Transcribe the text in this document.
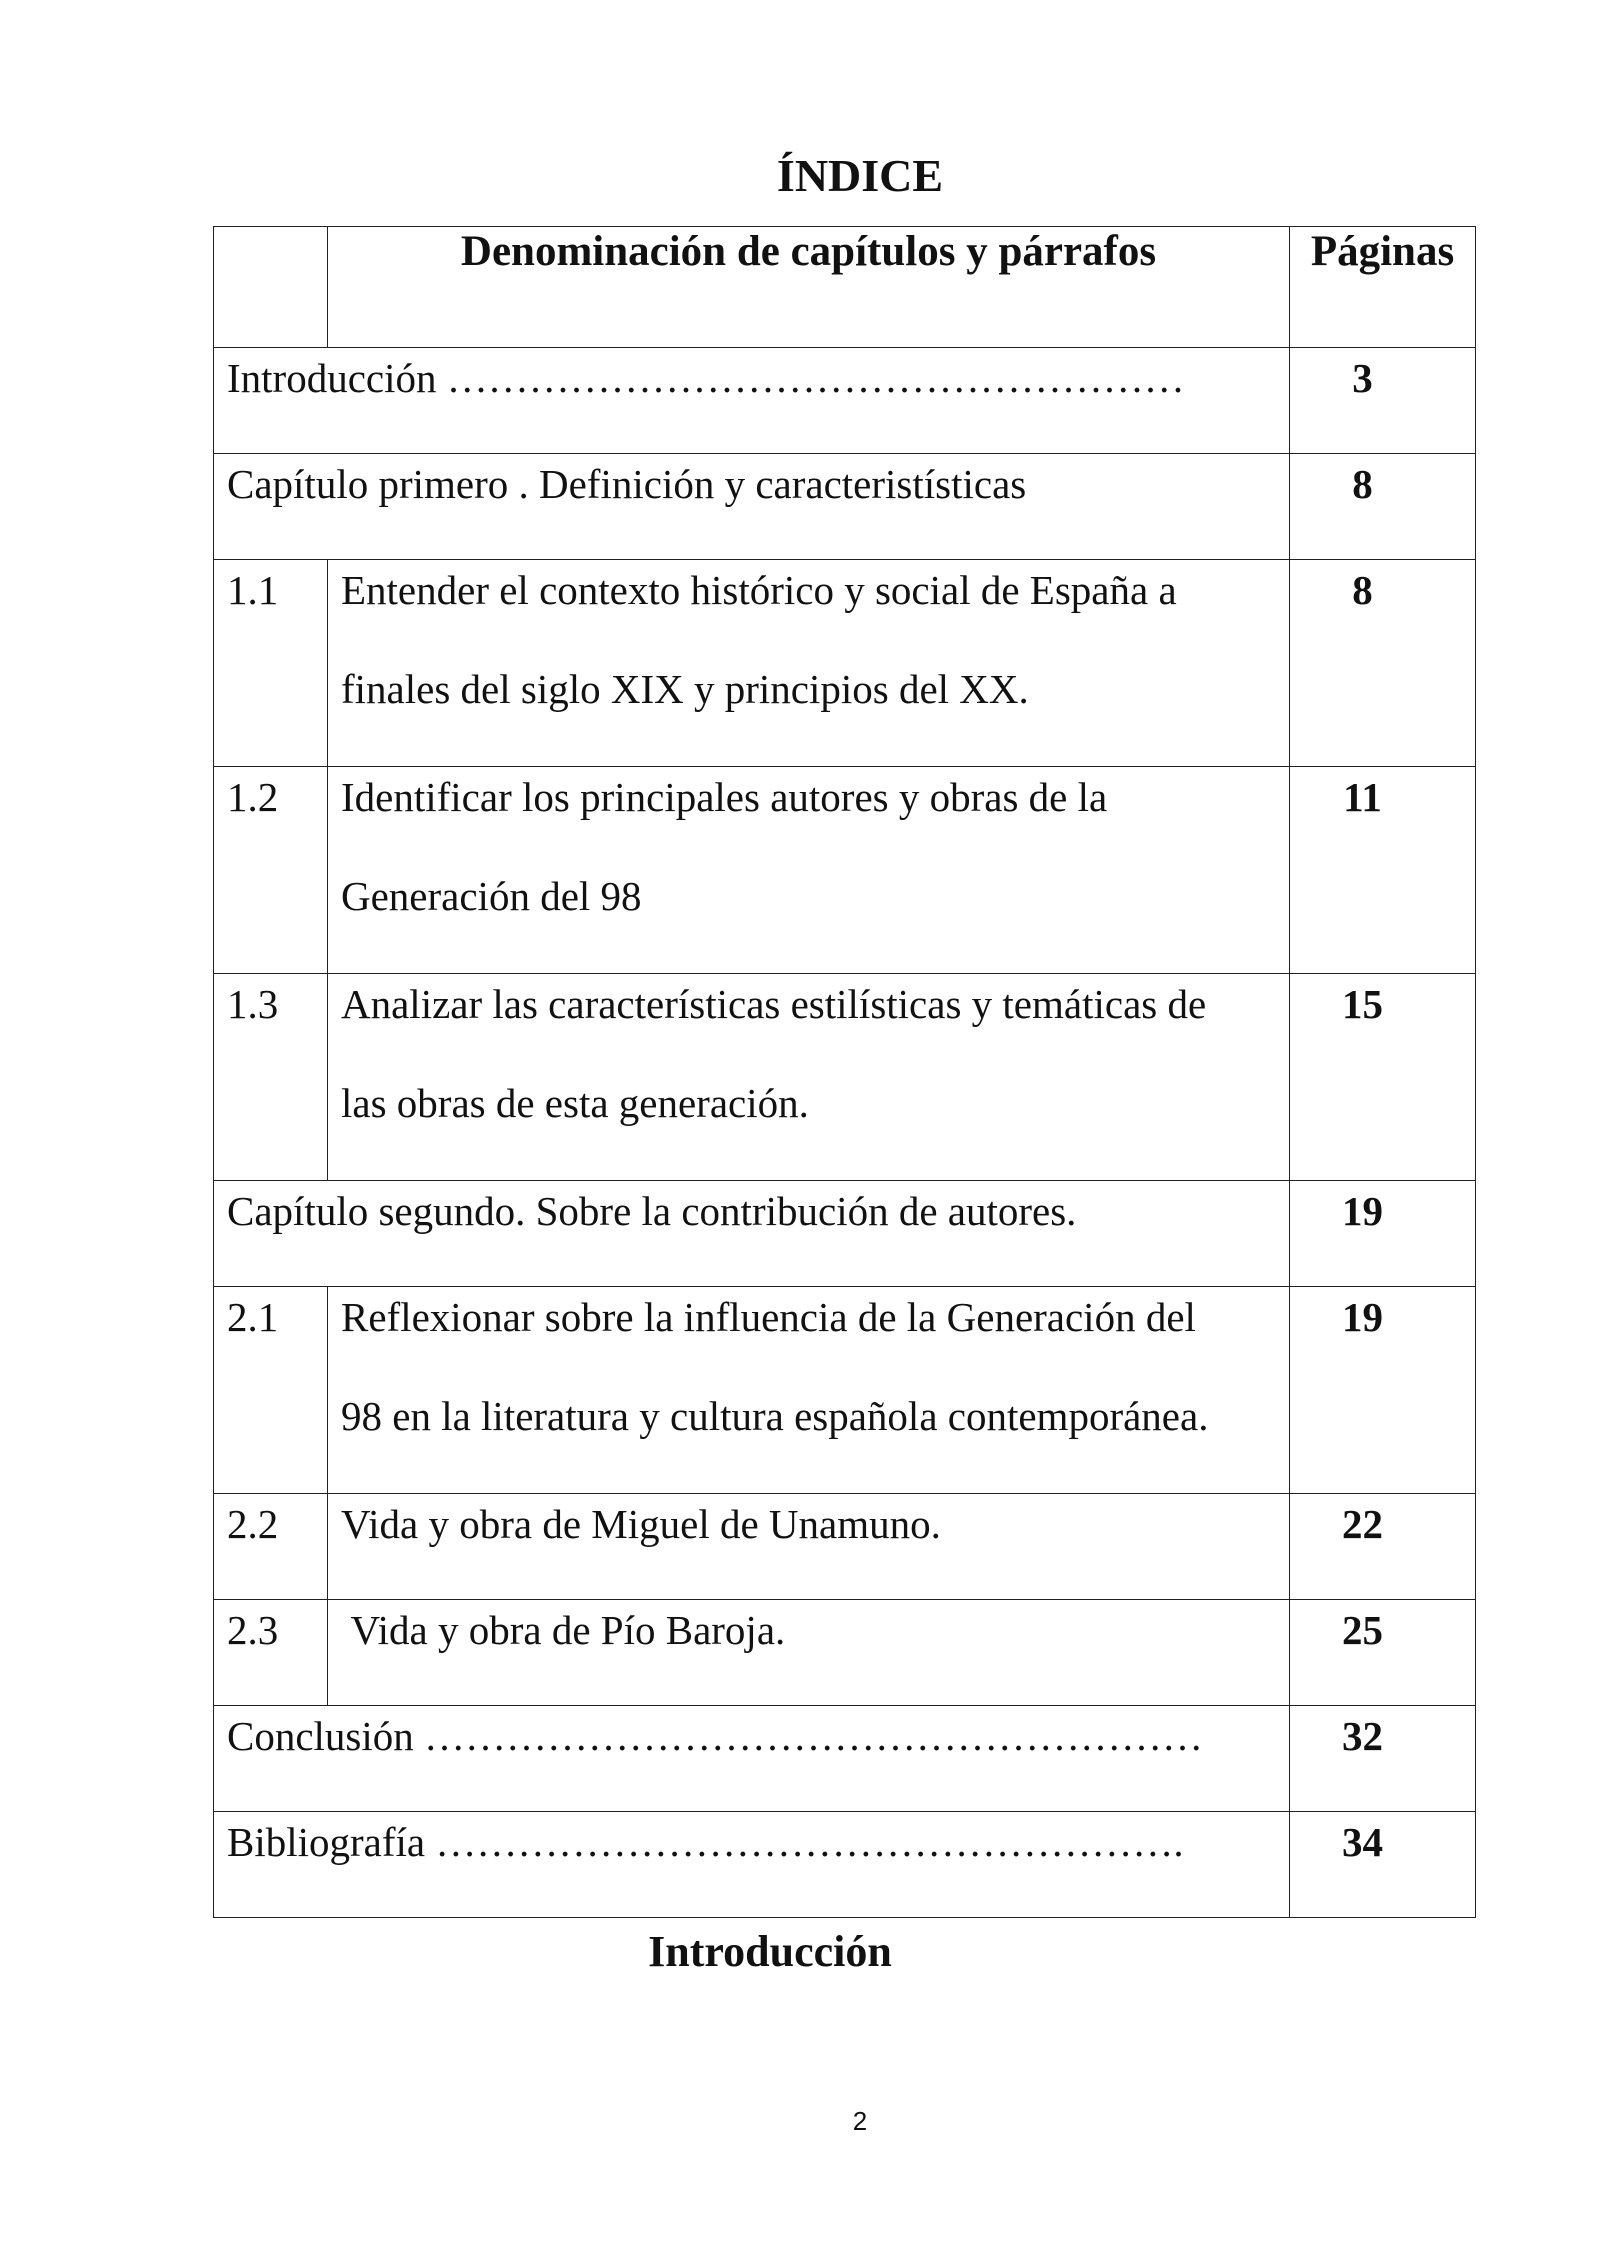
ÍNDICE
	Denominación de capítulos y párrafos	Páginas

Introducción ………………………………………………		3

Capítulo primero . Definición y caracteristísticas		8

1.1	Entender el contexto histórico y social de España a
finales del siglo XIX y principios del XX.	8

1.2	Identificar los principales autores y obras de la
Generación del 98	11

1.3	Analizar las características estilísticas y temáticas de
las obras de esta generación.	15

Capítulo segundo. Sobre la contribución de autores.		19

2.1	Reflexionar sobre la influencia de la Generación del
98 en la literatura y cultura española contemporánea.	19

2.2	Vida y obra de Miguel de Unamuno.	22

2.3	Vida y obra de Pío Baroja.	25

Conclusión …………………………………………………		32

Bibliografía ……………………………………………….		34
Introducción
2
